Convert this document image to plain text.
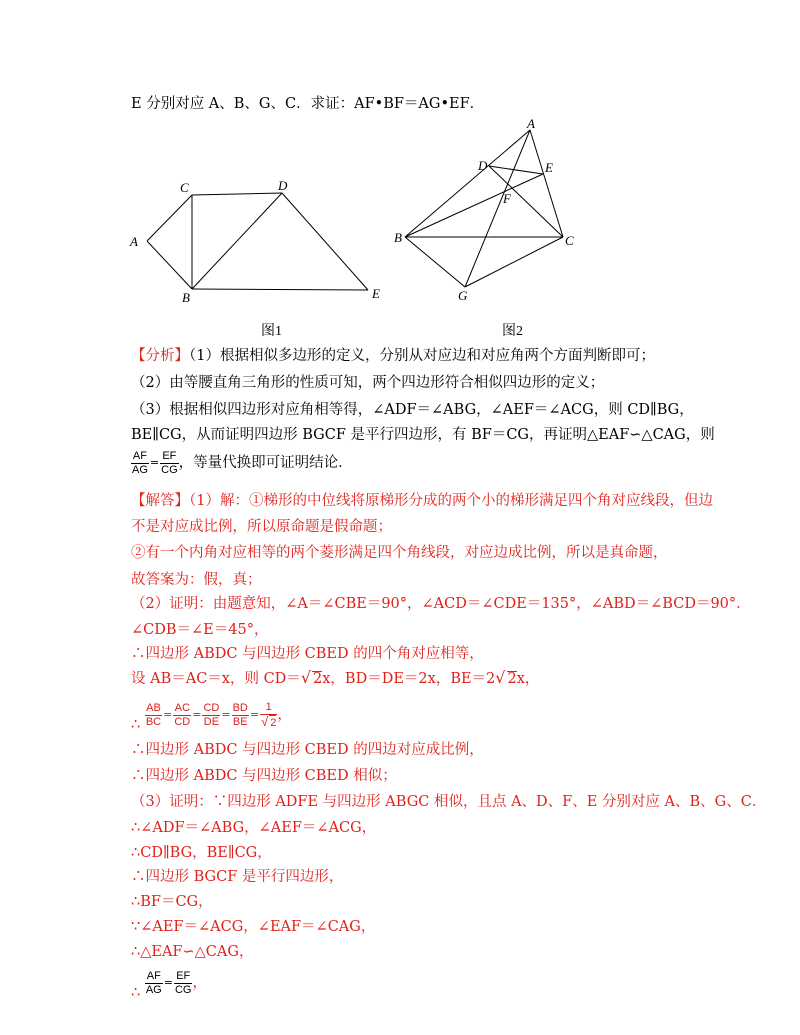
E 分别对应 A、B、G、C．求证：AF•BF＝AG•EF．
A
C	D
B	E
图1
A
D	E
F
B	C
G
图2
【分析】（1）根据相似多边形的定义，分别从对应边和对应角两个方面判断即可；
（2）由等腰直角三角形的性质可知，两个四边形符合相似四边形的定义；
（3）根据相似四边形对应角相等得，∠ADF＝∠ABG，∠AEF＝∠ACG，则 CD∥BG，
BE∥CG，从而证明四边形 BGCF 是平行四边形，有 BF＝CG，再证明△EAF∽△CAG，则
$\frac{AF}{AG} = \frac{EF}{CG}$ ，等量代换即可证明结论．
【解答】（1）解：①梯形的中位线将原梯形分成的两个小的梯形满足四个角对应线段，但边
不是对应成比例，所以原命题是假命题；
②有一个内角对应相等的两个菱形满足四个角线段，对应边成比例，所以是真命题，
故答案为：假，真；
（2）证明：由题意知，∠A＝∠CBE＝90°，∠ACD＝∠CDE＝135°，∠ABD＝∠BCD＝90°．
∠CDB＝∠E＝45°，
∴四边形 ABDC 与四边形 CBED 的四个角对应相等，
设 AB＝AC＝x，则 CD＝√ 2x，BD＝DE＝2x，BE＝2√ 2x，
∴ $\frac{AB}{BC} = \frac{AC}{CD} = \frac{CD}{DE} = \frac{BD}{BE} = \frac{1}{√ 2}$ ，
∴四边形 ABDC 与四边形 CBED 的四边对应成比例，
∴四边形 ABDC 与四边形 CBED 相似；
（3）证明：∵四边形 ADFE 与四边形 ABGC 相似，且点 A、D、F、E 分别对应 A、B、G、C．
∴∠ADF＝∠ABG，∠AEF＝∠ACG，
∴CD∥BG，BE∥CG，
∴四边形 BGCF 是平行四边形，
∴BF＝CG，
∵∠AEF＝∠ACG，∠EAF＝∠CAG，
∴△EAF∽△CAG，
∴ $\frac{AF}{AG} = \frac{EF}{CG}$ ，
